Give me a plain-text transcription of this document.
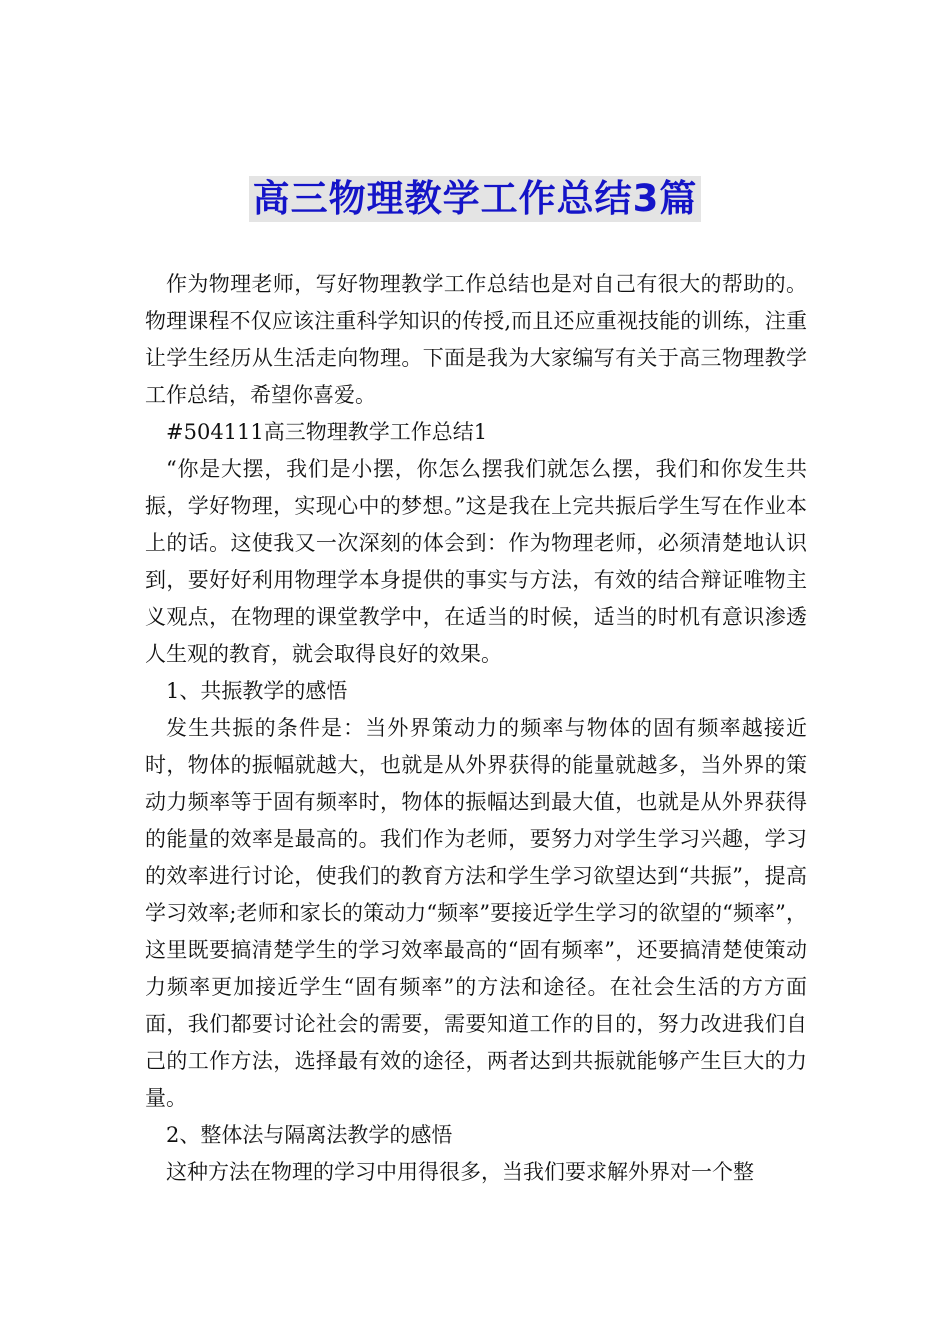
高三物理教学工作总结3篇

作为物理老师，写好物理教学工作总结也是对自己有很大的帮助的。物理课程不仅应该注重科学知识的传授,而且还应重视技能的训练，注重让学生经历从生活走向物理。下面是我为大家编写有关于高三物理教学工作总结，希望你喜爱。

#504111高三物理教学工作总结1

“你是大摆，我们是小摆，你怎么摆我们就怎么摆，我们和你发生共振，学好物理，实现心中的梦想。”这是我在上完共振后学生写在作业本上的话。这使我又一次深刻的体会到：作为物理老师，必须清楚地认识到，要好好利用物理学本身提供的事实与方法，有效的结合辩证唯物主义观点，在物理的课堂教学中，在适当的时候，适当的时机有意识渗透人生观的教育，就会取得良好的效果。

1、共振教学的感悟

发生共振的条件是：当外界策动力的频率与物体的固有频率越接近时，物体的振幅就越大，也就是从外界获得的能量就越多，当外界的策动力频率等于固有频率时，物体的振幅达到最大值，也就是从外界获得的能量的效率是最高的。我们作为老师，要努力对学生学习兴趣，学习的效率进行讨论，使我们的教育方法和学生学习欲望达到“共振”，提高学习效率;老师和家长的策动力“频率”要接近学生学习的欲望的“频率”，这里既要搞清楚学生的学习效率最高的“固有频率”，还要搞清楚使策动力频率更加接近学生“固有频率”的方法和途径。在社会生活的方方面面，我们都要讨论社会的需要，需要知道工作的目的，努力改进我们自己的工作方法，选择最有效的途径，两者达到共振就能够产生巨大的力量。

2、整体法与隔离法教学的感悟

这种方法在物理的学习中用得很多，当我们要求解外界对一个整
